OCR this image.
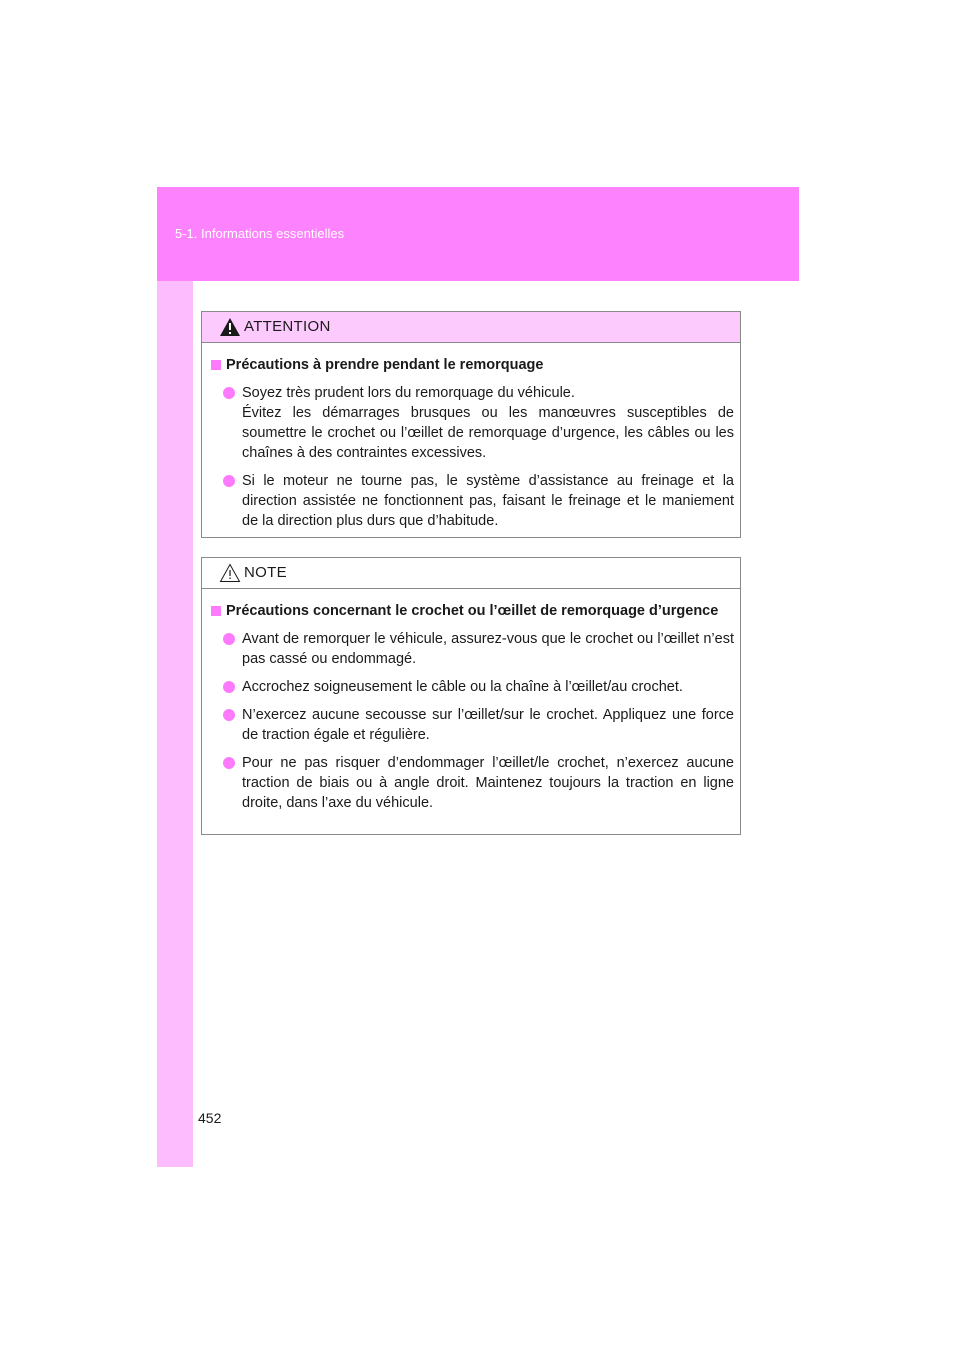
5-1. Informations essentielles
ATTENTION
Précautions à prendre pendant le remorquage

Soyez très prudent lors du remorquage du véhicule.

Évitez les démarrages brusques ou les manœuvres susceptibles de soumettre le crochet ou l’œillet de remorquage d’urgence, les câbles ou les chaînes à des contraintes excessives.

Si le moteur ne tourne pas, le système d’assistance au freinage et la direction assistée ne fonctionnent pas, faisant le freinage et le maniement de la direction plus durs que d’habitude.

NOTE
Précautions concernant le crochet ou l’œillet de remorquage d’urgence

Avant de remorquer le véhicule, assurez-vous que le crochet ou l’œillet n’est pas cassé ou endommagé.

Accrochez soigneusement le câble ou la chaîne à l’œillet/au crochet.

N’exercez aucune secousse sur l’œillet/sur le crochet. Appliquez une force de traction égale et régulière.

Pour ne pas risquer d’endommager l’œillet/le crochet, n’exercez aucune traction de biais ou à angle droit. Maintenez toujours la traction en ligne droite, dans l’axe du véhicule.

452
